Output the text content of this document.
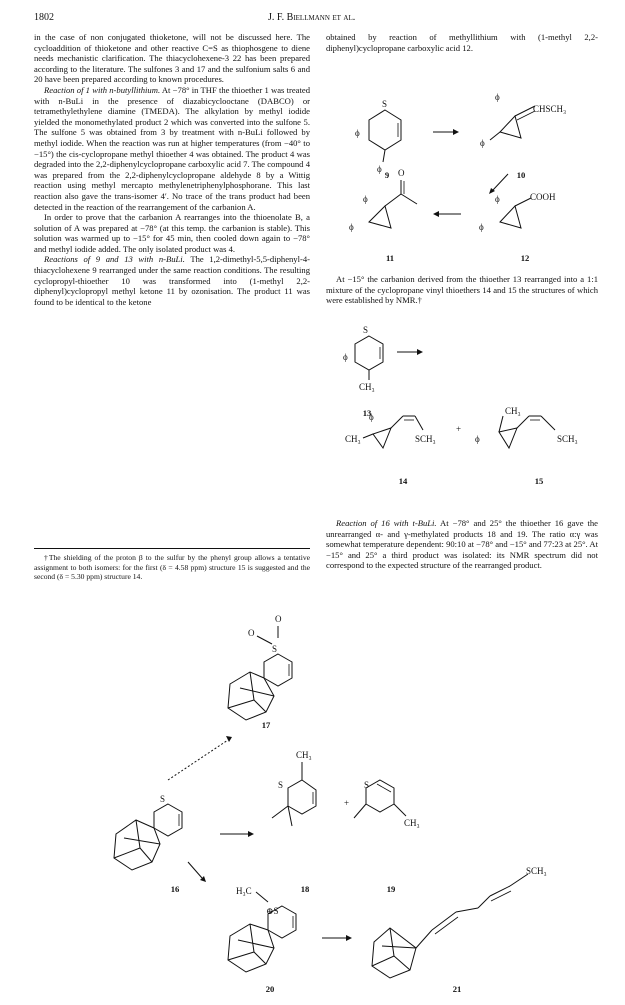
1802	J. F. Biellmann et al.

in the case of non conjugated thioketone, will not be discussed here. The cycloaddition of thioketone and other reactive C=S as thiophosgene to diene needs mechanistic clarification. The thiacyclohexene-3 22 has been prepared according to the literature. The sulfones 3 and 17 and the sulfonium salts 6 and 20 have been prepared according to known procedures.

Reaction of 1 with n-butyllithium. At −78° in THF the thioether 1 was treated with n-BuLi in the presence of diazabicyclooctane (DABCO) or tetramethylethylene diamine (TMEDA). The alkylation by methyl iodide yielded the monomethylated product 2 which was converted into the sulfone 5. The sulfone 5 was obtained from 3 by treatment with n-BuLi followed by methyl iodide. When the reaction was run at higher temperatures (from −40° to −15°) the cis-cyclopropane methyl thioether 4 was obtained. The product 4 was degraded into the 2,2-diphenylcyclopropane carboxylic acid 7. The compound 4 was prepared from the 2,2-diphenylcyclopropane aldehyde 8 by a Wittig reaction using methyl mercapto methylenetriphenylphosphorane. This last reaction also gave the trans-isomer 4′. No trace of the trans product had been detected in the reaction of the rearrangement of the carbanion A.

In order to prove that the carbanion A rearranges into the thioenolate B, a solution of A was prepared at −78° (at this temp. the carbanion is stable). This solution was warmed up to −15° for 45 min, then cooled down again to −78° and methyl iodide added. The only isolated product was 4.

Reactions of 9 and 13 with n-BuLi. The 1,2-dimethyl-5,5-diphenyl-4-thiacyclohexene 9 rearranged under the same reaction conditions. The resulting cyclopropyl-thioether 10 was transformed into (1-methyl 2,2-diphenyl)cyclopropyl methyl ketone 11 by ozonisation. The product 11 was found to be identical to the ketone

†The shielding of the proton β to the sulfur by the phenyl group allows a tentative assignment to both isomers: for the first (δ = 4.58 ppm) structure 15 is suggested and the second (δ = 5.30 ppm) structure 14.
obtained by reaction of methyllithium with (1-methyl 2,2-diphenyl)cyclopropane carboxylic acid 12.

At −15° the carbanion derived from the thioether 13 rearranged into a 1:1 mixture of the cyclopropane vinyl thioethers 14 and 15 the structures of which were established by NMR.†

Reaction of 16 with t-BuLi. At −78° and 25° the thioether 16 gave the unrearranged α- and γ-methylated products 18 and 19. The ratio α:γ was somewhat temperature dependent: 90:10 at −78° and −15° and 77:23 at 25°. At −15° and 25° a third product was isolated: its NMR spectrum did not correspond to the expected structure of the rearranged product.

S
ϕ
ϕ
CHSCH₃
ϕ
ϕ
O
ϕ
ϕ
COOH
ϕ
ϕ
9	10
11	12
S
ϕ
CH₃
CH₃
ϕ
SCH₃
+
CH₃
ϕ	SCH₃
13
14	15
O
O
S
S
CH₃
S
+
S
CH₃
H₃C
⊕S
SCH₃
17
16	18	19
20	21
